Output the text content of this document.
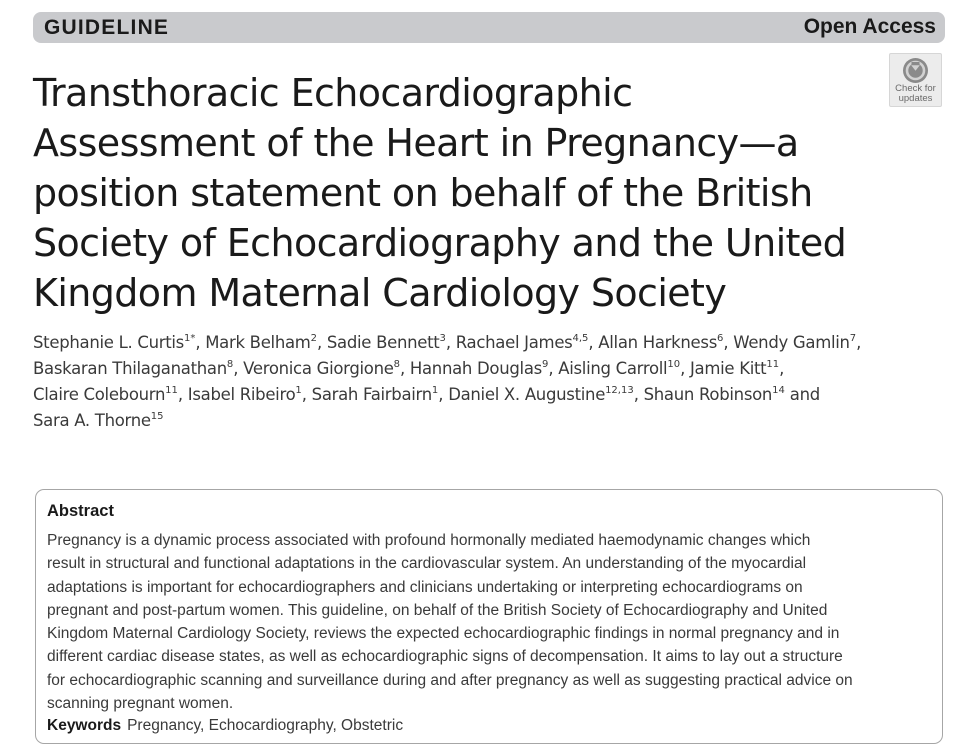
GUIDELINE	Open Access
Transthoracic Echocardiographic
Assessment of the Heart in Pregnancy—a
position statement on behalf of the British
Society of Echocardiography and the United
Kingdom Maternal Cardiology Society
Check for
updates

Stephanie L. Curtis$^{1*}$, Mark Belham$^2$, Sadie Bennett$^3$, Rachael James$^{4,5}$, Allan Harkness$^6$, Wendy Gamlin$^7$,
Baskaran Thilaganathan$^8$, Veronica Giorgione$^8$, Hannah Douglas$^9$, Aisling Carroll$^{10}$, Jamie Kitt$^{11}$,
Claire Colebourn$^{11}$, Isabel Ribeiro$^1$, Sarah Fairbairn$^1$, Daniel X. Augustine$^{12,13}$, Shaun Robinson$^{14}$ and
Sara A. Thorne$^{15}$

Abstract
Pregnancy is a dynamic process associated with profound hormonally mediated haemodynamic changes which
result in structural and functional adaptations in the cardiovascular system. An understanding of the myocardial
adaptations is important for echocardiographers and clinicians undertaking or interpreting echocardiograms on
pregnant and post-partum women. This guideline, on behalf of the British Society of Echocardiography and United
Kingdom Maternal Cardiology Society, reviews the expected echocardiographic findings in normal pregnancy and in
different cardiac disease states, as well as echocardiographic signs of decompensation. It aims to lay out a structure
for echocardiographic scanning and surveillance during and after pregnancy as well as suggesting practical advice on
scanning pregnant women.
Keywords Pregnancy, Echocardiography, Obstetric
